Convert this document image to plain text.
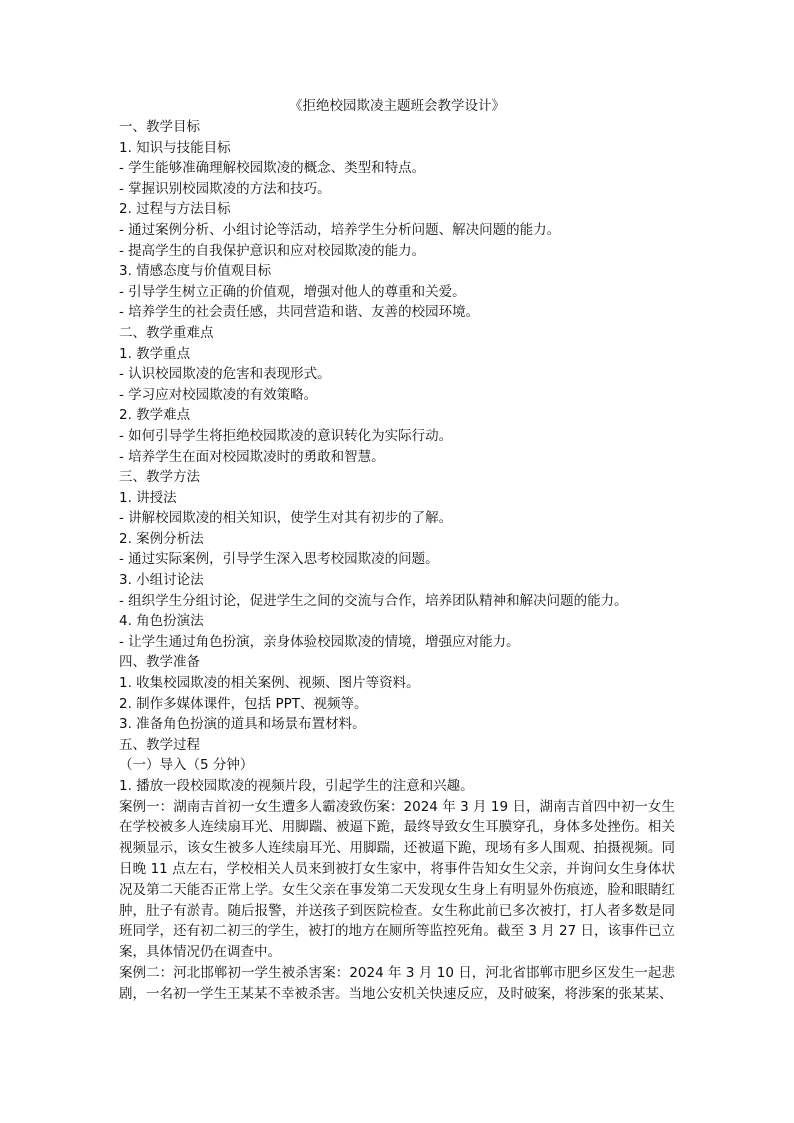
《拒绝校园欺凌主题班会教学设计》
一、教学目标
1. 知识与技能目标
- 学生能够准确理解校园欺凌的概念、类型和特点。
- 掌握识别校园欺凌的方法和技巧。
2. 过程与方法目标
- 通过案例分析、小组讨论等活动，培养学生分析问题、解决问题的能力。
- 提高学生的自我保护意识和应对校园欺凌的能力。
3. 情感态度与价值观目标
- 引导学生树立正确的价值观，增强对他人的尊重和关爱。
- 培养学生的社会责任感，共同营造和谐、友善的校园环境。
二、教学重难点
1. 教学重点
- 认识校园欺凌的危害和表现形式。
- 学习应对校园欺凌的有效策略。
2. 教学难点
- 如何引导学生将拒绝校园欺凌的意识转化为实际行动。
- 培养学生在面对校园欺凌时的勇敢和智慧。
三、教学方法
1. 讲授法
- 讲解校园欺凌的相关知识，使学生对其有初步的了解。
2. 案例分析法
- 通过实际案例，引导学生深入思考校园欺凌的问题。
3. 小组讨论法
- 组织学生分组讨论，促进学生之间的交流与合作，培养团队精神和解决问题的能力。
4. 角色扮演法
- 让学生通过角色扮演，亲身体验校园欺凌的情境，增强应对能力。
四、教学准备
1. 收集校园欺凌的相关案例、视频、图片等资料。
2. 制作多媒体课件，包括 PPT、视频等。
3. 准备角色扮演的道具和场景布置材料。
五、教学过程
（一）导入（5 分钟）
1. 播放一段校园欺凌的视频片段，引起学生的注意和兴趣。
案例一：湖南吉首初一女生遭多人霸凌致伤案：2024 年 3 月 19 日，湖南吉首四中初一女生在学校被多人连续扇耳光、用脚踹、被逼下跪，最终导致女生耳膜穿孔，身体多处挫伤。相关视频显示，该女生被多人连续扇耳光、用脚踹，还被逼下跪，现场有多人围观、拍摄视频。同日晚 11 点左右，学校相关人员来到被打女生家中，将事件告知女生父亲，并询问女生身体状况及第二天能否正常上学。女生父亲在事发第二天发现女生身上有明显外伤痕迹，脸和眼睛红肿，肚子有淤青。随后报警，并送孩子到医院检查。女生称此前已多次被打，打人者多数是同班同学，还有初二初三的学生，被打的地方在厕所等监控死角。截至 3 月 27 日，该事件已立案，具体情况仍在调查中。
案例二：河北邯郸初一学生被杀害案：2024 年 3 月 10 日，河北省邯郸市肥乡区发生一起悲剧，一名初一学生王某某不幸被杀害。当地公安机关快速反应，及时破案，将涉案的张某某、
